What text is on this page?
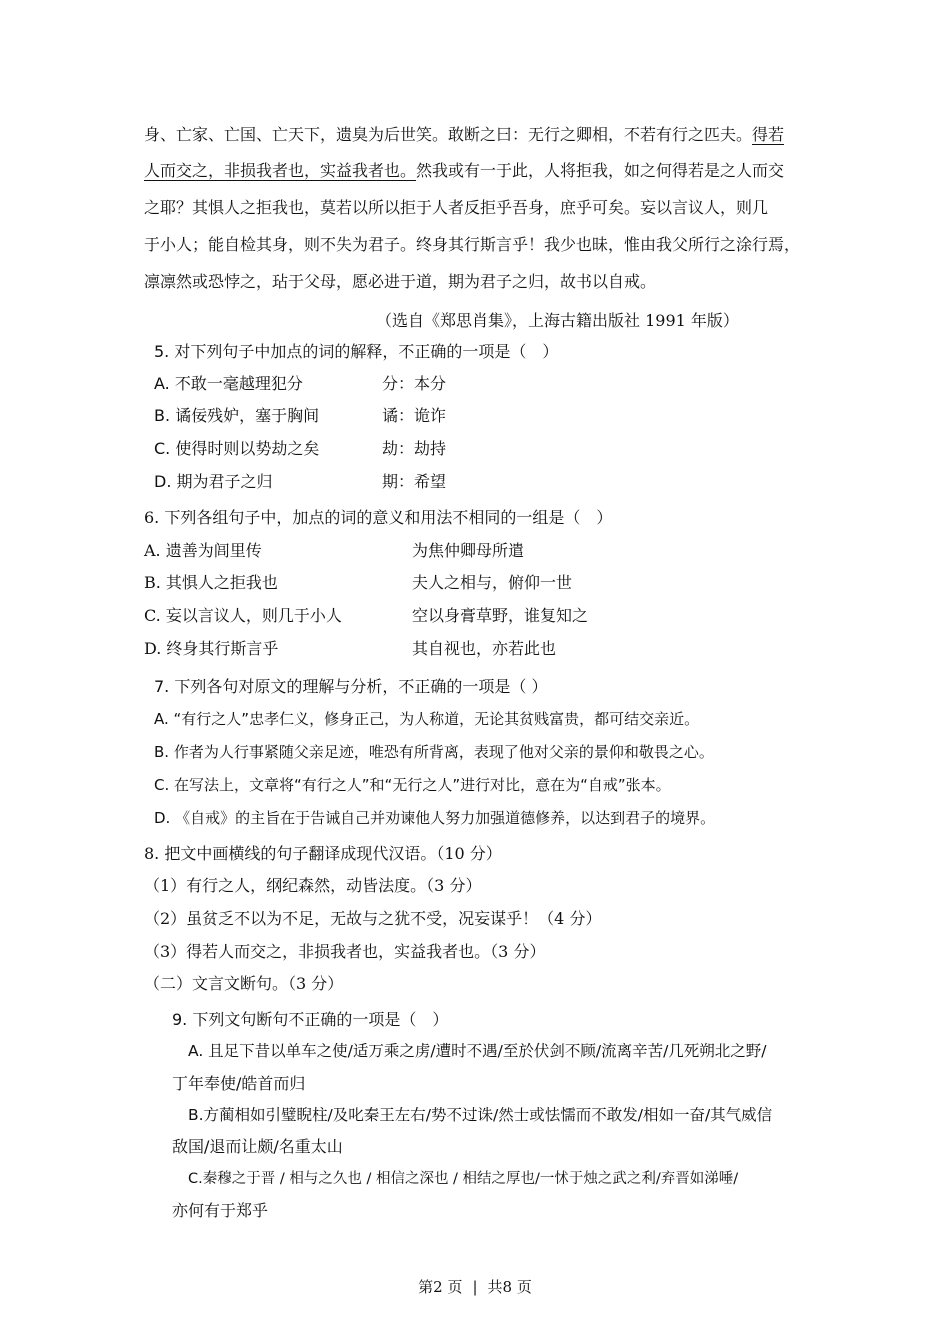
身、亡家、亡国、亡天下，遗臭为后世笑。敢断之曰：无行之卿相，不若有行之匹夫。得若
人而交之，非损我者也，实益我者也。然我或有一于此，人将拒我，如之何得若是之人而交
之耶？其惧人之拒我也，莫若以所以拒于人者反拒乎吾身，庶乎可矣。妄以言议人，则几
于小人；能自检其身，则不失为君子。终身其行斯言乎！我少也昧，惟由我父所行之涂行焉，
凛凛然或恐悖之，玷于父母，愿必进于道，期为君子之归，故书以自戒。
（选自《郑思肖集》，上海古籍出版社 1991 年版）
5. 对下列句子中加点的词的解释，不正确的一项是（　）
A. 不敢一毫越理犯分	分：本分
B. 谲佞残妒，塞于胸间	谲：诡诈
C. 使得时则以势劫之矣	劫：劫持
D. 期为君子之归	期：希望
6. 下列各组句子中，加点的词的意义和用法不相同的一组是（　）
A. 遗善为闾里传	为焦仲卿母所遣
B. 其惧人之拒我也	夫人之相与，俯仰一世
C. 妄以言议人，则几于小人	空以身膏草野，谁复知之
D. 终身其行斯言乎	其自视也，亦若此也
7. 下列各句对原文的理解与分析，不正确的一项是（ ）
A. “有行之人”忠孝仁义，修身正己，为人称道，无论其贫贱富贵，都可结交亲近。
B. 作者为人行事紧随父亲足迹，唯恐有所背离，表现了他对父亲的景仰和敬畏之心。
C. 在写法上，文章将“有行之人”和“无行之人”进行对比，意在为“自戒”张本。
D. 《自戒》的主旨在于告诫自己并劝谏他人努力加强道德修养，以达到君子的境界。
8. 把文中画横线的句子翻译成现代汉语。（10 分）
（1）有行之人，纲纪森然，动皆法度。（3 分）
（2）虽贫乏不以为不足，无故与之犹不受，况妄谋乎！（4 分）
（3）得若人而交之，非损我者也，实益我者也。（3 分）
（二）文言文断句。（3 分）
9. 下列文句断句不正确的一项是（　）
A. 且足下昔以单车之使/适万乘之虏/遭时不遇/至於伏剑不顾/流离辛苦/几死朔北之野/
丁年奉使/皓首而归
B.方蔺相如引璧睨柱/及叱秦王左右/势不过诛/然士或怯懦而不敢发/相如一奋/其气威信
敌国/退而让颇/名重太山
C.秦穆之于晋 / 相与之久也 / 相信之深也 / 相结之厚也/一怵于烛之武之利/弃晋如涕唾/
亦何有于郑乎
第2 页 | 共8 页
